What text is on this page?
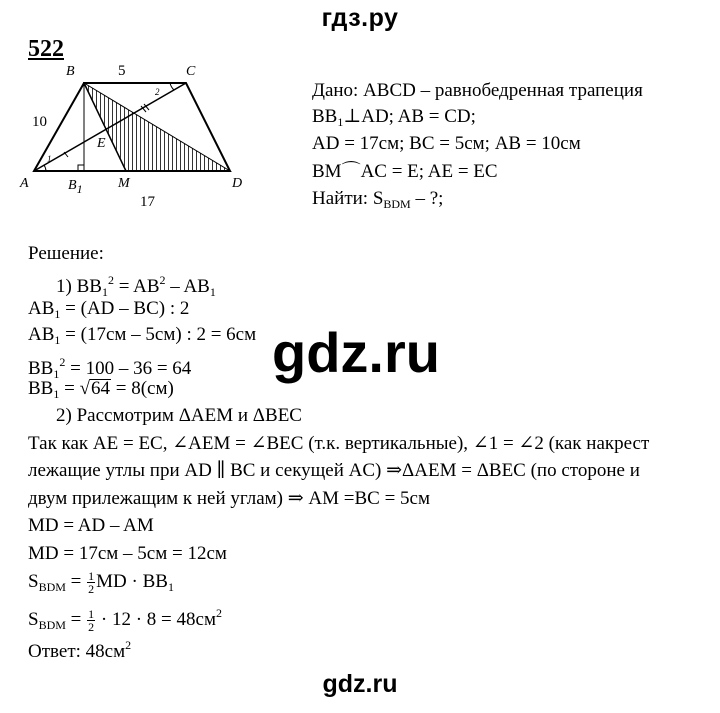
гдз.ру
gdz.ru
522
B	C
A	D
E
M
$B_1$
5
10
17
1
2	Дано: ABCD – равнобедренная трапеция
$BB_1\perp AD$; AB = CD;
AD = 17см; BC = 5см; AB = 10см
BM⌒AC = E; AE = EC
Найти: $S_{BDM}$ – ?;
Решение:
1) $BB_1^2 = AB^2 - AB_1$
$AB_1 = (AD - BC)$ : 2
$AB_1 = (17см - 5см)$ : 2 = 6см
$BB_1^2 = 100 - 36 = 64$
$BB_1 = √64 = 8(см)$
2) Рассмотрим ΔAEM и ΔBEC
Так как AE = EC, ∠AEM = ∠BEC (т.к. вертикальные), ∠1 = ∠2 (как накрест
лежащие утлы при AD ∥ BC и секущей AC) ⇒ΔAEM = ΔBEC (по стороне и
двум прилежащим к ней углам) ⇒ AM =BC = 5см
MD = AD – AM
MD = 17см – 5см = 12см
$S_{BDM} = \frac{1}{2}$ MD · $BB_1$
$S_{BDM} = \frac{1}{2} \cdot 12 \cdot 8 = 48см^2$
Ответ: $48см^2$
gdz.ru
